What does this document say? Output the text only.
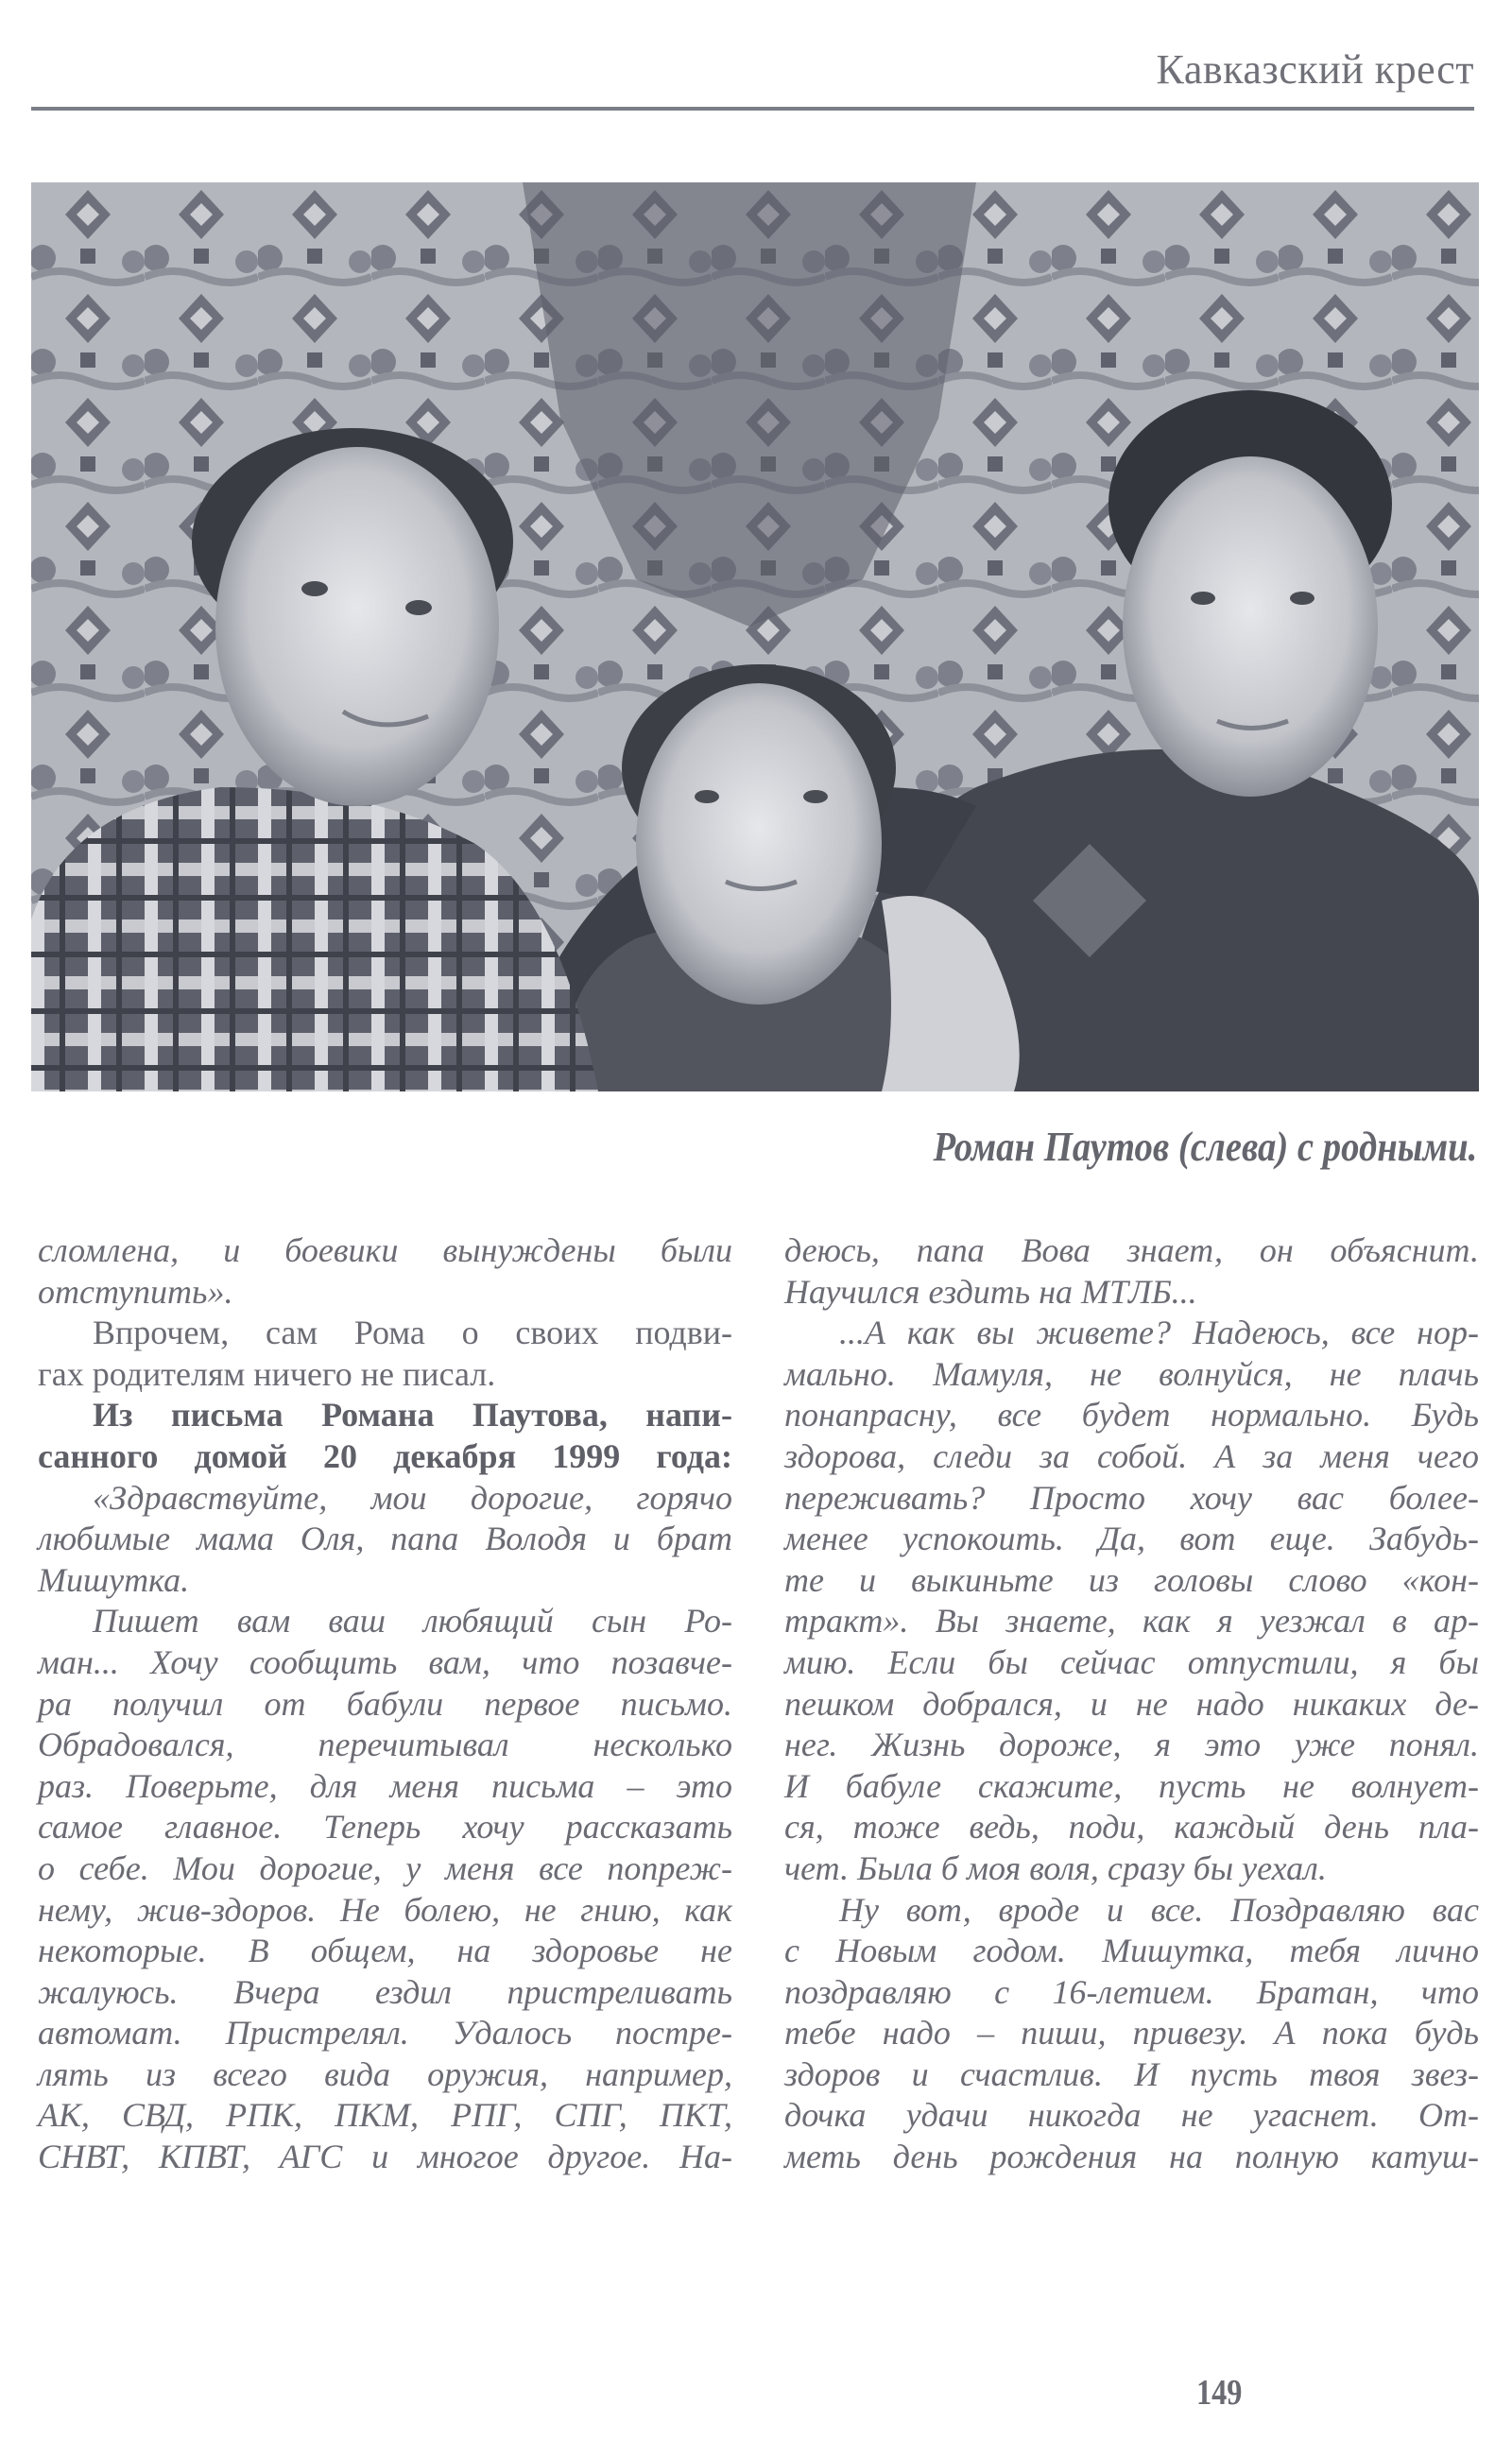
Кавказский крест
Роман Паутов (слева) с родными.
сломлена, и боевики вынуждены были
отступить».
Впрочем, сам Рома о своих подви-
гах родителям ничего не писал.
Из письма Романа Паутова, напи-
санного домой 20 декабря 1999 года:
«Здравствуйте, мои дорогие, горячо
любимые мама Оля, папа Володя и брат
Мишутка.
Пишет вам ваш любящий сын Ро-
ман... Хочу сообщить вам, что позавче-
ра получил от бабули первое письмо.
Обрадовался, перечитывал несколько
раз. Поверьте, для меня письма – это
самое главное. Теперь хочу рассказать
о себе. Мои дорогие, у меня все попреж-
нему, жив-здоров. Не болею, не гнию, как
некоторые. В общем, на здоровье не
жалуюсь. Вчера ездил пристреливать
автомат. Пристрелял. Удалось постре-
лять из всего вида оружия, например,
АК, СВД, РПК, ПКМ, РПГ, СПГ, ПКТ,
СНВТ, КПВТ, АГС и многое другое. На-
деюсь, папа Вова знает, он объяснит.
Научился ездить на МТЛБ...
...А как вы живете? Надеюсь, все нор-
мально. Мамуля, не волнуйся, не плачь
понапрасну, все будет нормально. Будь
здорова, следи за собой. А за меня чего
переживать? Просто хочу вас более-
менее успокоить. Да, вот еще. Забудь-
те и выкиньте из головы слово «кон-
тракт». Вы знаете, как я уезжал в ар-
мию. Если бы сейчас отпустили, я бы
пешком добрался, и не надо никаких де-
нег. Жизнь дороже, я это уже понял.
И бабуле скажите, пусть не волнует-
ся, тоже ведь, поди, каждый день пла-
чет. Была б моя воля, сразу бы уехал.
Ну вот, вроде и все. Поздравляю вас
с Новым годом. Мишутка, тебя лично
поздравляю с 16-летием. Братан, что
тебе надо – пиши, привезу. А пока будь
здоров и счастлив. И пусть твоя звез-
дочка удачи никогда не угаснет. От-
меть день рождения на полную катуш-
149
